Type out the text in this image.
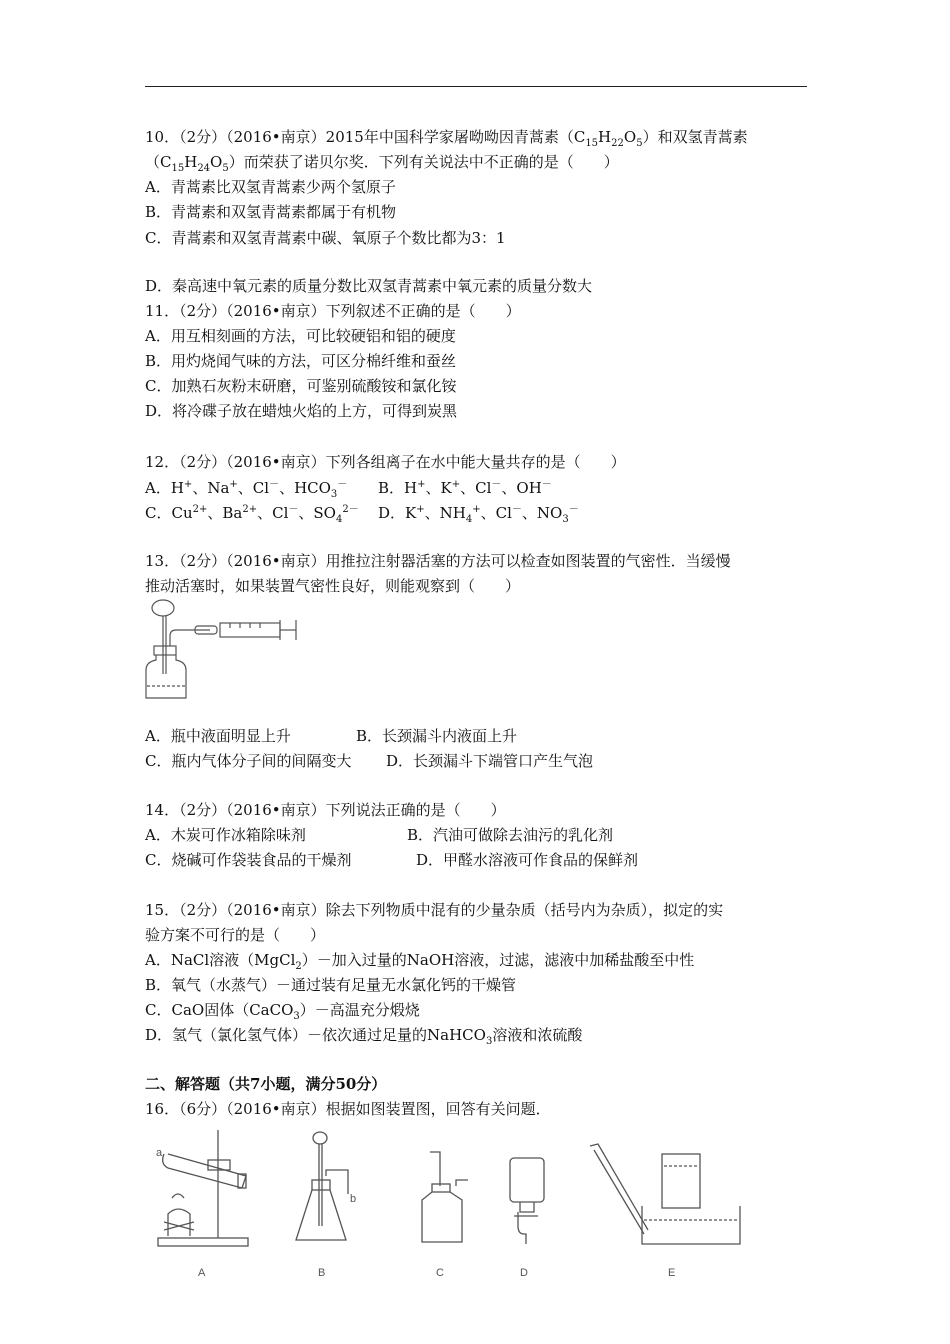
10．（2分）（2016•南京）2015年中国科学家屠呦呦因青蒿素$(C_{15}H_{22}O_5)$和双氢青蒿素
$(C_{15}H_{24}O_5)$而荣获了诺贝尔奖．下列有关说法中不正确的是（　　）
A．青蒿素比双氢青蒿素少两个氢原子
B．青蒿素和双氢青蒿素都属于有机物
C．青蒿素和双氢青蒿素中碳、氧原子个数比都为3：1
D．秦高速中氧元素的质量分数比双氢青蒿素中氧元素的质量分数大
11．（2分）（2016•南京）下列叙述不正确的是（　　）
A．用互相刻画的方法，可比较硬铝和铝的硬度
B．用灼烧闻气味的方法，可区分棉纤维和蚕丝
C．加熟石灰粉末研磨，可鉴别硫酸铵和氯化铵
D．将冷碟子放在蜡烛火焰的上方，可得到炭黑
12．（2分）（2016•南京）下列各组离子在水中能大量共存的是（　　）
A．H+、Na+、Cl－、$HCO_3^-$ B．H+、K+、Cl－、OH－
C．$Cu^{2+}$、$Ba^{2+}$、Cl－、$SO_4^{2-}$ D．K+、$NH_4^+$、Cl－、$NO_3^-$
13．（2分）（2016•南京）用推拉注射器活塞的方法可以检查如图装置的气密性．当缓慢
推动活塞时，如果装置气密性良好，则能观察到（　　）
A．瓶中液面明显上升	B．长颈漏斗内液面上升
C．瓶内气体分子间的间隔变大 D．长颈漏斗下端管口产生气泡
14．（2分）（2016•南京）下列说法正确的是（　　）
A．木炭可作冰箱除味剂	B．汽油可做除去油污的乳化剂
C．烧碱可作袋装食品的干燥剂	D．甲醛水溶液可作食品的保鲜剂
15．（2分）（2016•南京）除去下列物质中混有的少量杂质（括号内为杂质），拟定的实
验方案不可行的是（　　）
A．NaCl溶液（MgCl$_2$）－加入过量的NaOH溶液，过滤，滤液中加稀盐酸至中性
B．氧气（水蒸气）－通过装有足量无水氯化钙的干燥管
C．CaO固体（CaCO$_3$）－高温充分煅烧
D．氢气（氯化氢气体）－依次通过足量的NaHCO$_3$溶液和浓硫酸
二、解答题（共7小题，满分50分）
16．（6分）（2016•南京）根据如图装置图，回答有关问题．
a
b
A	B	C	D	E
